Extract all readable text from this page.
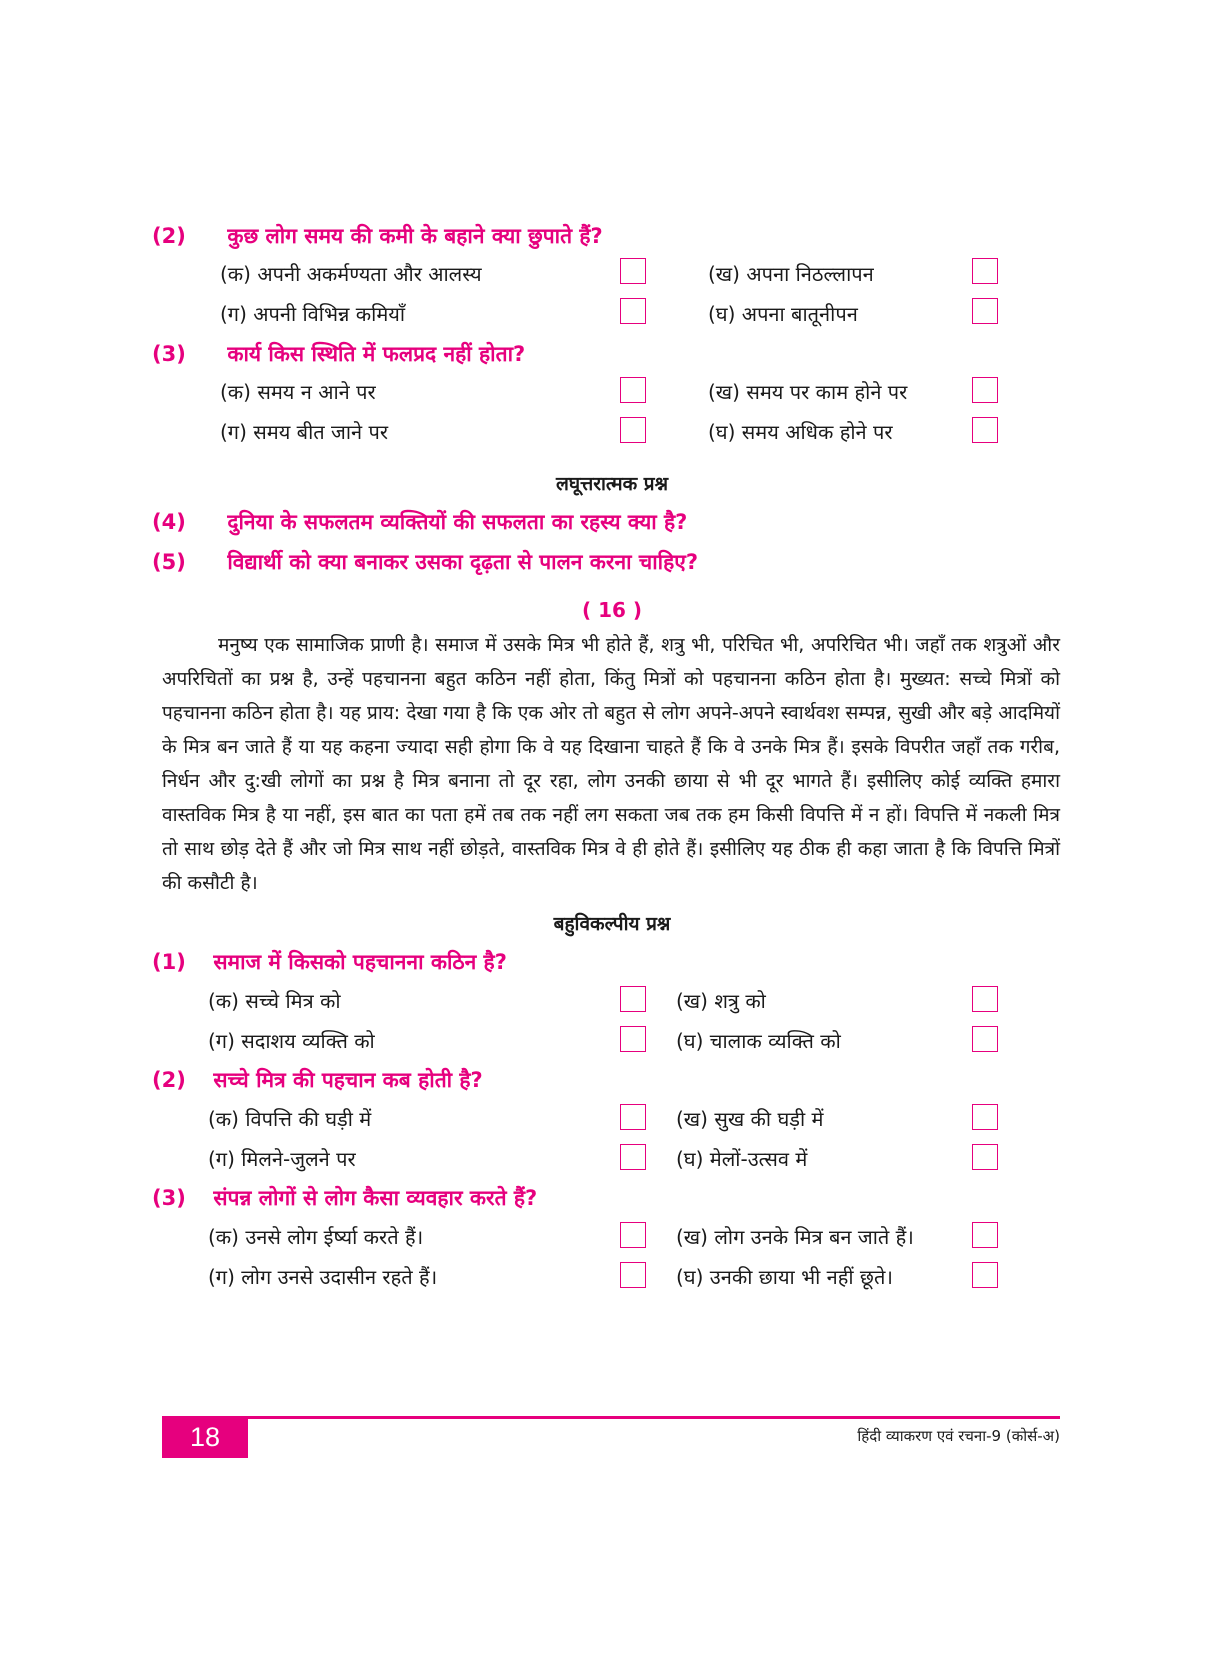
(2) कुछ लोग समय की कमी के बहाने क्या छुपाते हैं?
(क) अपनी अकर्मण्यता और आलस्य	(ख) अपना निठल्लापन
(ग) अपनी विभिन्न कमियाँ	(घ) अपना बातूनीपन
(3) कार्य किस स्थिति में फलप्रद नहीं होता?
(क) समय न आने पर	(ख) समय पर काम होने पर
(ग) समय बीत जाने पर	(घ) समय अधिक होने पर
लघूत्तरात्मक प्रश्न
(4) दुनिया के सफलतम व्यक्तियों की सफलता का रहस्य क्या है?
(5) विद्यार्थी को क्या बनाकर उसका दृढ़ता से पालन करना चाहिए?
( 16 )
मनुष्य एक सामाजिक प्राणी है। समाज में उसके मित्र भी होते हैं, शत्रु भी, परिचित भी, अपरिचित भी। जहाँ तक शत्रुओं और अपरिचितों का प्रश्न है, उन्हें पहचानना बहुत कठिन नहीं होता, किंतु मित्रों को पहचानना कठिन होता है। मुख्यत: सच्चे मित्रों को पहचानना कठिन होता है। यह प्राय: देखा गया है कि एक ओर तो बहुत से लोग अपने-अपने स्वार्थवश सम्पन्न, सुखी और बड़े आदमियों के मित्र बन जाते हैं या यह कहना ज्यादा सही होगा कि वे यह दिखाना चाहते हैं कि वे उनके मित्र हैं। इसके विपरीत जहाँ तक गरीब, निर्धन और दु:खी लोगों का प्रश्न है मित्र बनाना तो दूर रहा, लोग उनकी छाया से भी दूर भागते हैं। इसीलिए कोई व्यक्ति हमारा वास्तविक मित्र है या नहीं, इस बात का पता हमें तब तक नहीं लग सकता जब तक हम किसी विपत्ति में न हों। विपत्ति में नकली मित्र तो साथ छोड़ देते हैं और जो मित्र साथ नहीं छोड़ते, वास्तविक मित्र वे ही होते हैं। इसीलिए यह ठीक ही कहा जाता है कि विपत्ति मित्रों की कसौटी है।
बहुविकल्पीय प्रश्न
(1) समाज में किसको पहचानना कठिन है?
(क) सच्चे मित्र को	(ख) शत्रु को
(ग) सदाशय व्यक्ति को	(घ) चालाक व्यक्ति को
(2) सच्चे मित्र की पहचान कब होती है?
(क) विपत्ति की घड़ी में	(ख) सुख की घड़ी में
(ग) मिलने-जुलने पर	(घ) मेलों-उत्सव में
(3) संपन्न लोगों से लोग कैसा व्यवहार करते हैं?
(क) उनसे लोग ईर्ष्या करते हैं।	(ख) लोग उनके मित्र बन जाते हैं।
(ग) लोग उनसे उदासीन रहते हैं।	(घ) उनकी छाया भी नहीं छूते।
18	हिंदी व्याकरण एवं रचना-9 (कोर्स-अ)
